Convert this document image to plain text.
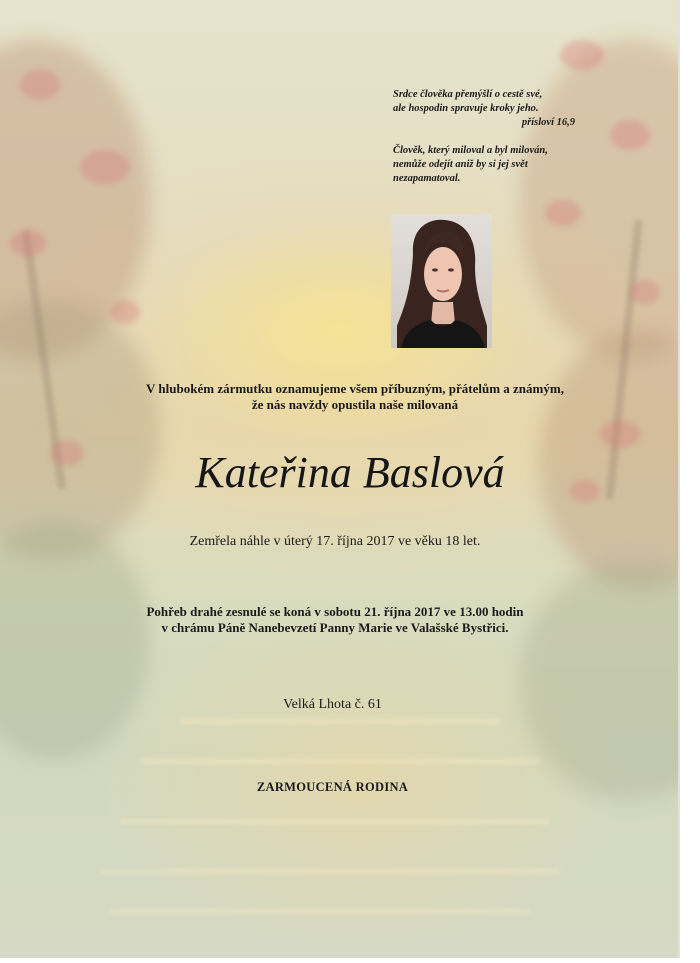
Srdce člověka přemýšlí o cestě své,
ale hospodin spravuje kroky jeho.
přísloví 16,9
Člověk, který miloval a byl milován,
nemůže odejít aniž by si jej svět
nezapamatoval.
V hlubokém zármutku oznamujeme všem příbuzným, přátelům a známým,
že nás navždy opustila naše milovaná
Kateřina Baslová
Zemřela náhle v úterý 17. října 2017 ve věku 18 let.
Pohřeb drahé zesnulé se koná v sobotu 21. října 2017 ve 13.00 hodin
v chrámu Páně Nanebevzetí Panny Marie ve Valašské Bystřici.
Velká Lhota č. 61
ZARMOUCENÁ RODINA
